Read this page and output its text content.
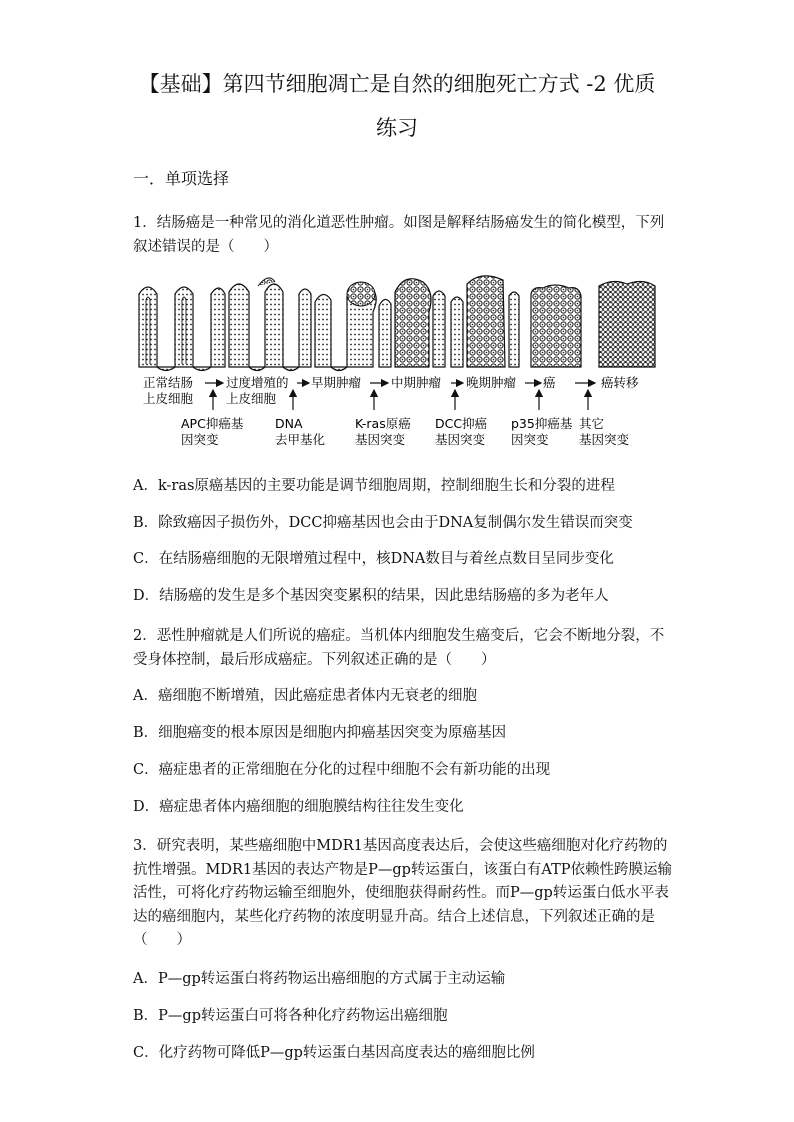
【基础】第四节细胞凋亡是自然的细胞死亡方式 -2 优质
练习
一．单项选择
1．结肠癌是一种常见的消化道恶性肿瘤。如图是解释结肠癌发生的简化模型，下列叙述错误的是（　　）
正常结肠上皮细胞
过度增殖的上皮细胞
早期肿瘤 中期肿瘤 晚期肿瘤 癌	癌转移
APC抑癌基因突变
DNA 去甲基化
K-ras原癌基因突变
DCC抑癌基因突变
p35抑癌基因突变
其它基因突变
A．k-ras原癌基因的主要功能是调节细胞周期，控制细胞生长和分裂的进程
B．除致癌因子损伤外，DCC抑癌基因也会由于DNA复制偶尔发生错误而突变
C．在结肠癌细胞的无限增殖过程中，核DNA数目与着丝点数目呈同步变化
D．结肠癌的发生是多个基因突变累积的结果，因此患结肠癌的多为老年人
2．恶性肿瘤就是人们所说的癌症。当机体内细胞发生癌变后，它会不断地分裂，不受身体控制，最后形成癌症。下列叙述正确的是（　　）
A．癌细胞不断增殖，因此癌症患者体内无衰老的细胞
B．细胞癌变的根本原因是细胞内抑癌基因突变为原癌基因
C．癌症患者的正常细胞在分化的过程中细胞不会有新功能的出现
D．癌症患者体内癌细胞的细胞膜结构往往发生变化
3．研究表明，某些癌细胞中MDR1基因高度表达后，会使这些癌细胞对化疗药物的抗性增强。MDR1基因的表达产物是P—gp转运蛋白，该蛋白有ATP依赖性跨膜运输活性，可将化疗药物运输至细胞外，使细胞获得耐药性。而P—gp转运蛋白低水平表达的癌细胞内，某些化疗药物的浓度明显升高。结合上述信息，下列叙述正确的是（　　）
A．P—gp转运蛋白将药物运出癌细胞的方式属于主动运输
B．P—gp转运蛋白可将各种化疗药物运出癌细胞
C．化疗药物可降低P—gp转运蛋白基因高度表达的癌细胞比例
